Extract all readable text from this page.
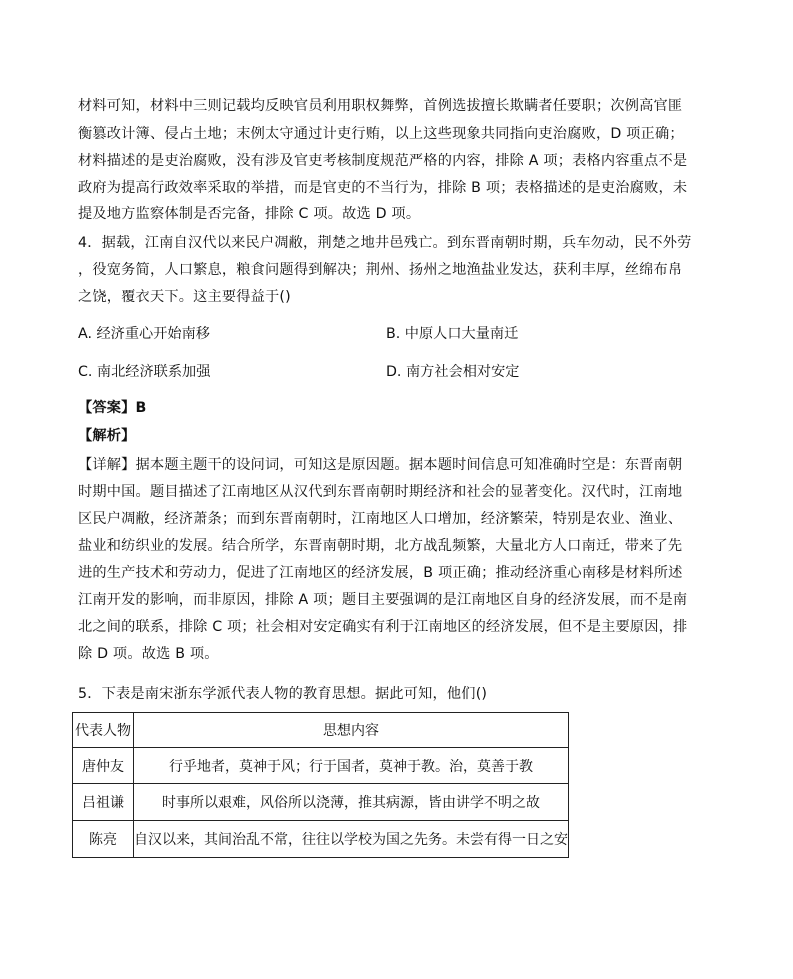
材料可知，材料中三则记载均反映官员利用职权舞弊，首例选拔擅长欺瞒者任要职；次例高官匪
衡篡改计簿、侵占土地；末例太守通过计吏行贿，以上这些现象共同指向吏治腐败，D 项正确；
材料描述的是吏治腐败，没有涉及官吏考核制度规范严格的内容，排除 A 项；表格内容重点不是
政府为提高行政效率采取的举措，而是官吏的不当行为，排除 B 项；表格描述的是吏治腐败，未
提及地方监察体制是否完备，排除 C 项。故选 D 项。
4．据载，江南自汉代以来民户凋敝，荆楚之地井邑残亡。到东晋南朝时期，兵车勿动，民不外劳
，役宽务简，人口繁息，粮食问题得到解决；荆州、扬州之地渔盐业发达，获利丰厚，丝绵布帛
之饶，覆衣天下。这主要得益于()
A. 经济重心开始南移	B. 中原人口大量南迁
C. 南北经济联系加强	D. 南方社会相对安定
【答案】B
【解析】
【详解】据本题主题干的设问词，可知这是原因题。据本题时间信息可知准确时空是：东晋南朝
时期中国。题目描述了江南地区从汉代到东晋南朝时期经济和社会的显著变化。汉代时，江南地
区民户凋敝，经济萧条；而到东晋南朝时，江南地区人口增加，经济繁荣，特别是农业、渔业、
盐业和纺织业的发展。结合所学，东晋南朝时期，北方战乱频繁，大量北方人口南迁，带来了先
进的生产技术和劳动力，促进了江南地区的经济发展，B 项正确；推动经济重心南移是材料所述
江南开发的影响，而非原因，排除 A 项；题目主要强调的是江南地区自身的经济发展，而不是南
北之间的联系，排除 C 项；社会相对安定确实有利于江南地区的经济发展，但不是主要原因，排
除 D 项。故选 B 项。
5．下表是南宋浙东学派代表人物的教育思想。据此可知，他们()
代表人物	思想内容
唐仲友	行乎地者，莫神于风；行于国者，莫神于教。治，莫善于教
吕祖谦	时事所以艰难，风俗所以浇薄，推其病源，皆由讲学不明之故
陈亮	自汉以来，其间治乱不常，往往以学校为国之先务。未尝有得一日之安
